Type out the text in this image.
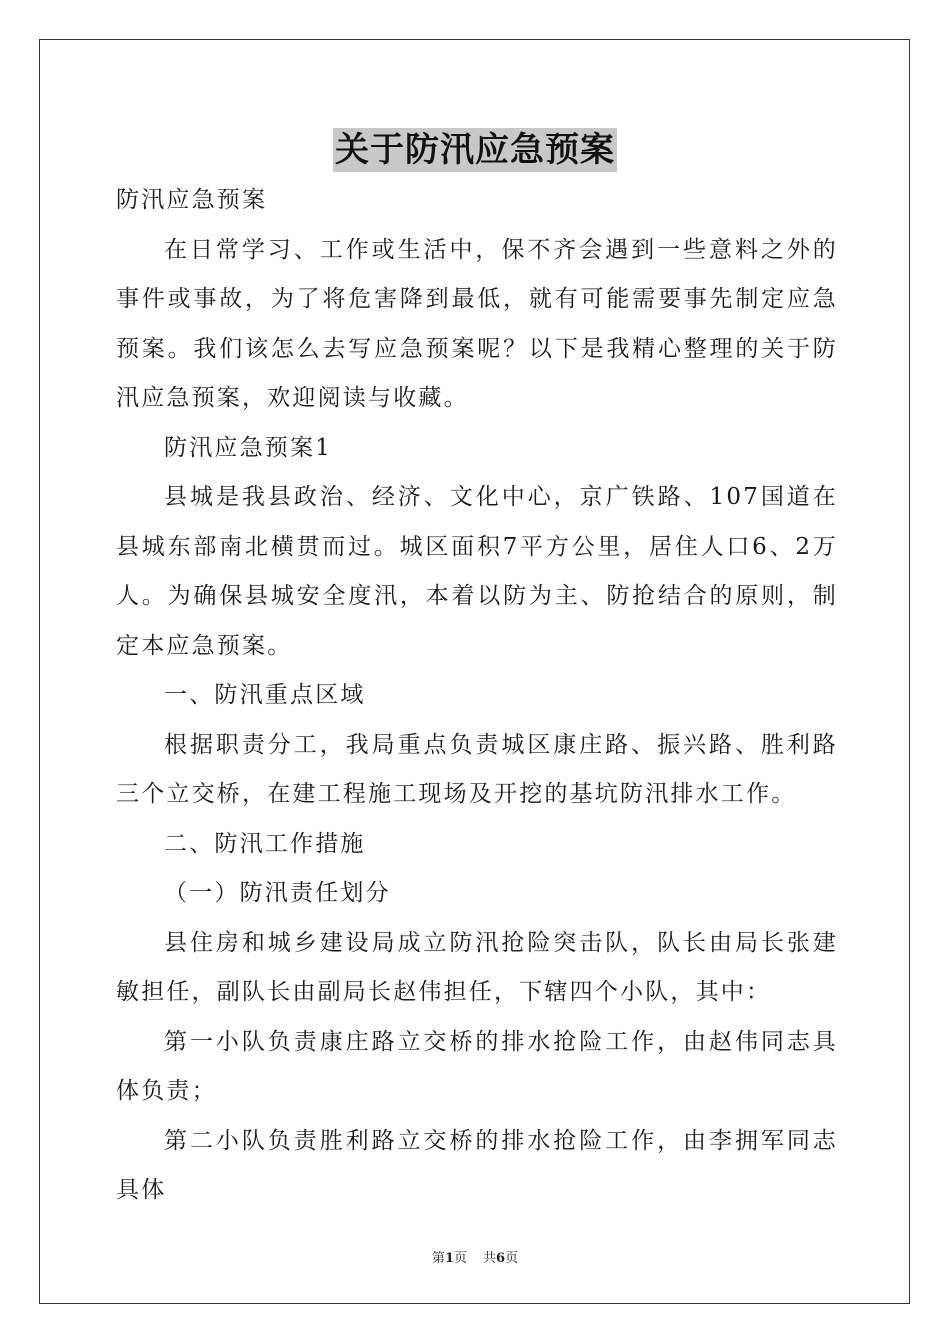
关于防汛应急预案

防汛应急预案

在日常学习、工作或生活中，保不齐会遇到一些意料之外的事件或事故，为了将危害降到最低，就有可能需要事先制定应急预案。我们该怎么去写应急预案呢？以下是我精心整理的关于防汛应急预案，欢迎阅读与收藏。

防汛应急预案1

县城是我县政治、经济、文化中心，京广铁路、107国道在县城东部南北横贯而过。城区面积7平方公里，居住人口6、2万人。为确保县城安全度汛，本着以防为主、防抢结合的原则，制定本应急预案。

一、防汛重点区域

根据职责分工，我局重点负责城区康庄路、振兴路、胜利路三个立交桥，在建工程施工现场及开挖的基坑防汛排水工作。

二、防汛工作措施

（一）防汛责任划分

县住房和城乡建设局成立防汛抢险突击队，队长由局长张建敏担任，副队长由副局长赵伟担任，下辖四个小队，其中：

第一小队负责康庄路立交桥的排水抢险工作，由赵伟同志具体负责；

第二小队负责胜利路立交桥的排水抢险工作，由李拥军同志具体

第1页 共6页
